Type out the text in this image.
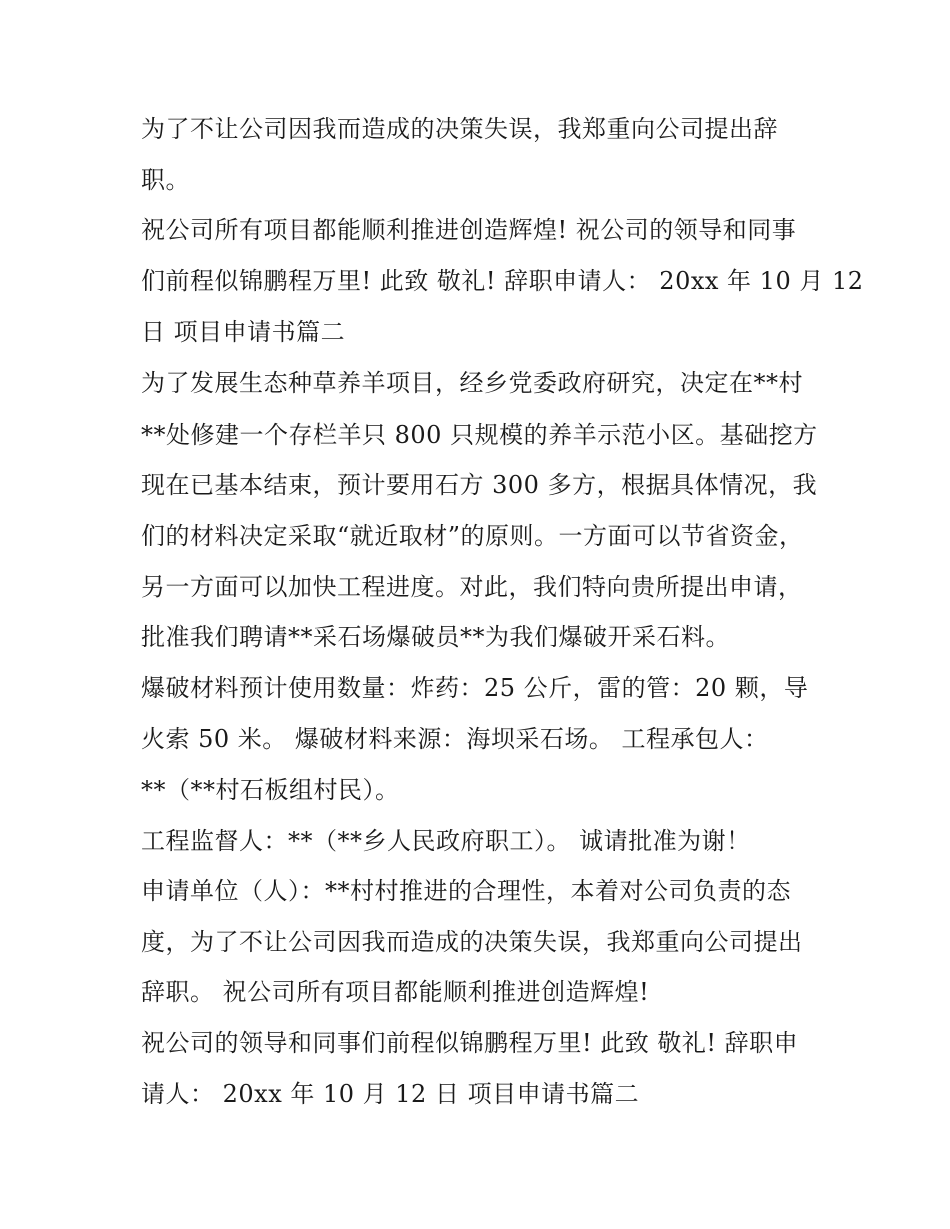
为了不让公司因我而造成的决策失误，我郑重向公司提出辞
职。
祝公司所有项目都能顺利推进创造辉煌! 祝公司的领导和同事
们前程似锦鹏程万里! 此致 敬礼! 辞职申请人： 20xx 年 10 月 12
日 项目申请书篇二
为了发展生态种草养羊项目，经乡党委政府研究，决定在**村
**处修建一个存栏羊只 800 只规模的养羊示范小区。基础挖方
现在已基本结束，预计要用石方 300 多方，根据具体情况，我
们的材料决定采取“就近取材”的原则。一方面可以节省资金，
另一方面可以加快工程进度。对此，我们特向贵所提出申请，
批准我们聘请**采石场爆破员**为我们爆破开采石料。
爆破材料预计使用数量：炸药：25 公斤，雷的管：20 颗，导
火索 50 米。 爆破材料来源：海坝采石场。 工程承包人：
**（**村石板组村民）。
工程监督人：**（**乡人民政府职工）。 诚请批准为谢！
申请单位（人）：**村村推进的合理性，本着对公司负责的态
度，为了不让公司因我而造成的决策失误，我郑重向公司提出
辞职。 祝公司所有项目都能顺利推进创造辉煌!
祝公司的领导和同事们前程似锦鹏程万里! 此致 敬礼! 辞职申
请人： 20xx 年 10 月 12 日 项目申请书篇二
